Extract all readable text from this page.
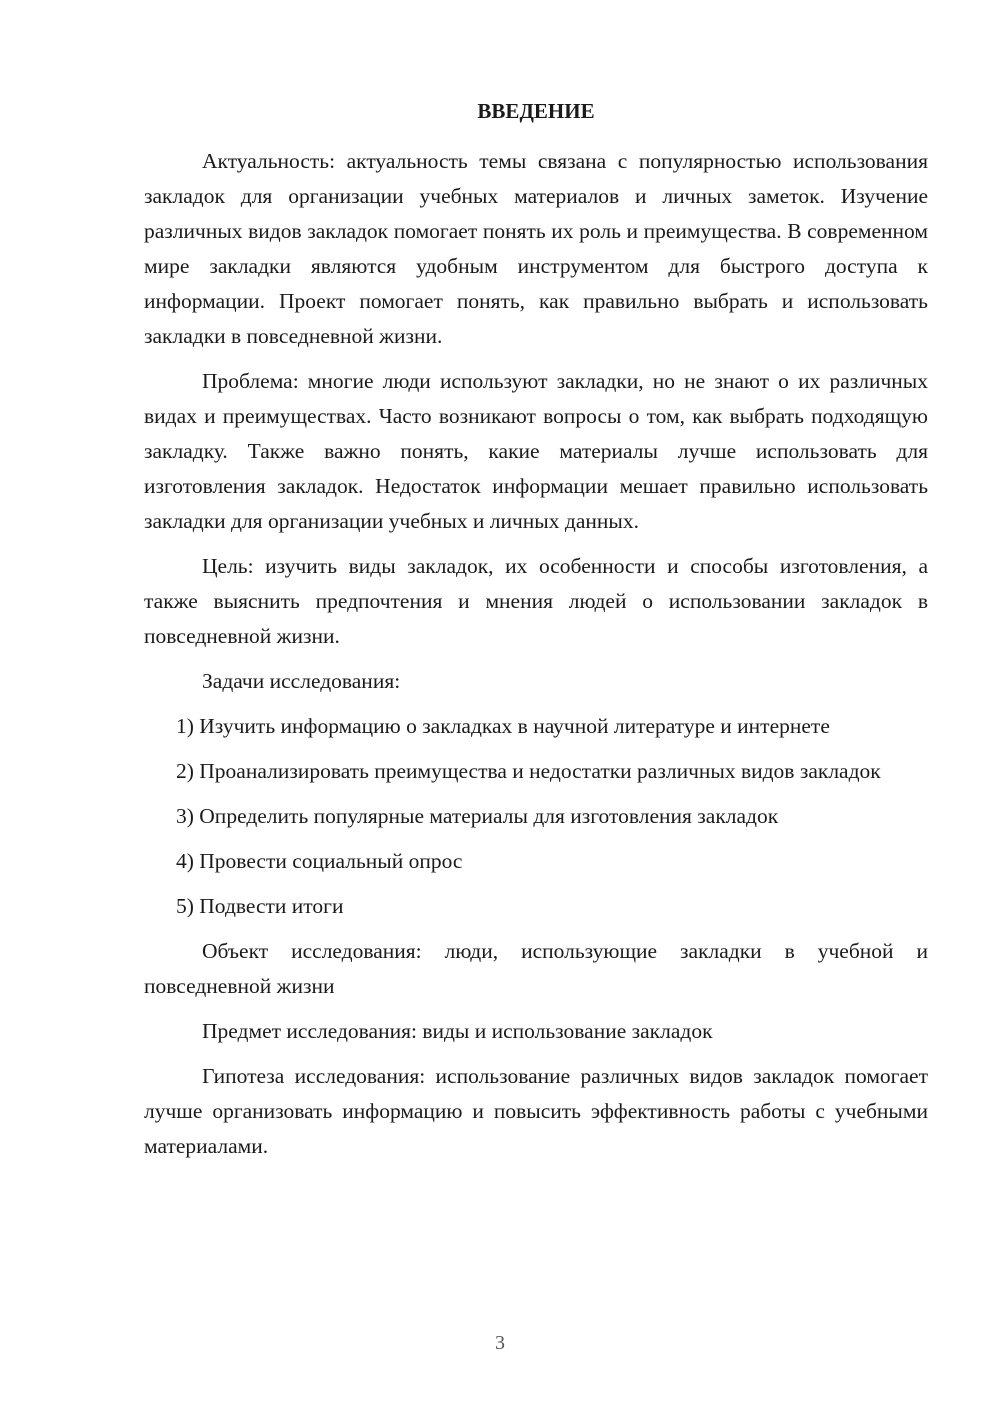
ВВЕДЕНИЕ

Актуальность: актуальность темы связана с популярностью использования закладок для организации учебных материалов и личных заметок. Изучение различных видов закладок помогает понять их роль и преимущества. В современном мире закладки являются удобным инструментом для быстрого доступа к информации. Проект помогает понять, как правильно выбрать и использовать закладки в повседневной жизни.

Проблема: многие люди используют закладки, но не знают о их различных видах и преимуществах. Часто возникают вопросы о том, как выбрать подходящую закладку. Также важно понять, какие материалы лучше использовать для изготовления закладок. Недостаток информации мешает правильно использовать закладки для организации учебных и личных данных.

Цель: изучить виды закладок, их особенности и способы изготовления, а также выяснить предпочтения и мнения людей о использовании закладок в повседневной жизни.

Задачи исследования:

1) Изучить информацию о закладках в научной литературе и интернете

2) Проанализировать преимущества и недостатки различных видов закладок

3) Определить популярные материалы для изготовления закладок

4) Провести социальный опрос

5) Подвести итоги

Объект исследования: люди, использующие закладки в учебной и повседневной жизни

Предмет исследования: виды и использование закладок

Гипотеза исследования: использование различных видов закладок помогает лучше организовать информацию и повысить эффективность работы с учебными материалами.

3
